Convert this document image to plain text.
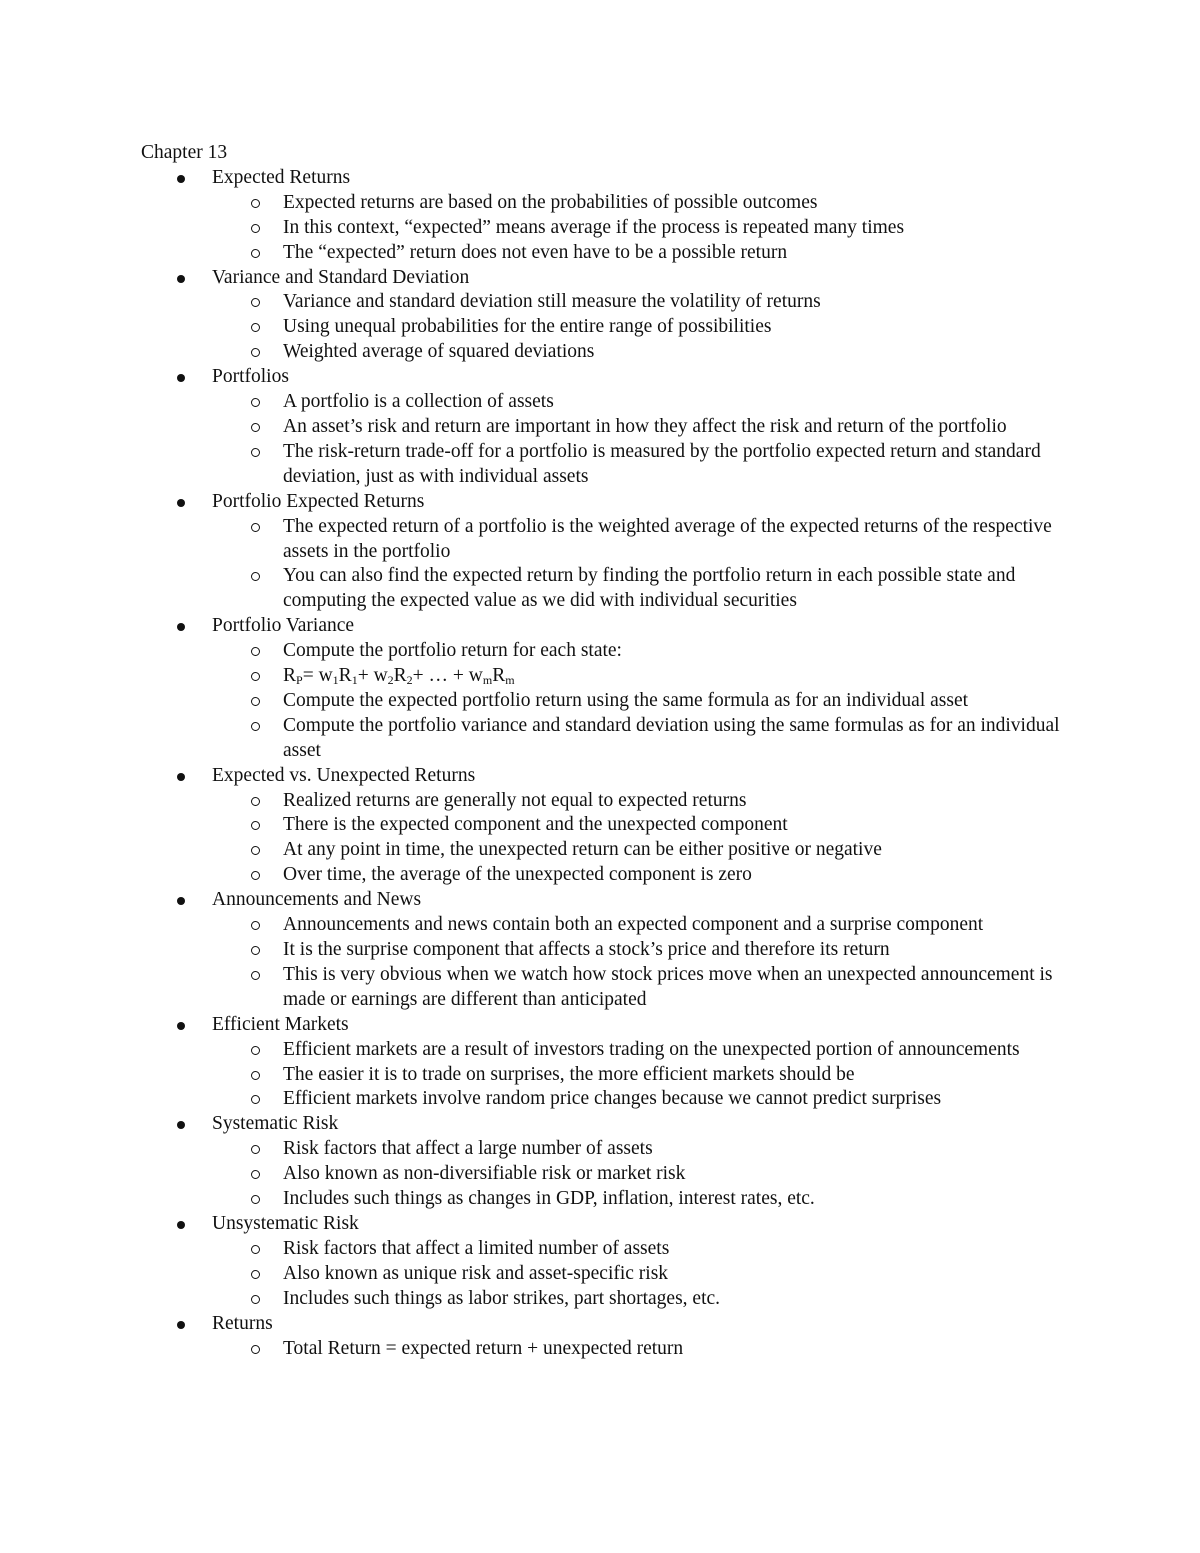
Chapter 13
Expected Returns
Expected returns are based on the probabilities of possible outcomes
In this context, “expected” means average if the process is repeated many times
The “expected” return does not even have to be a possible return
Variance and Standard Deviation
Variance and standard deviation still measure the volatility of returns
Using unequal probabilities for the entire range of possibilities
Weighted average of squared deviations
Portfolios
A portfolio is a collection of assets
An asset’s risk and return are important in how they affect the risk and return of the portfolio
The risk-return trade-off for a portfolio is measured by the portfolio expected return and standard deviation, just as with individual assets
Portfolio Expected Returns
The expected return of a portfolio is the weighted average of the expected returns of the respective assets in the portfolio
You can also find the expected return by finding the portfolio return in each possible state and computing the expected value as we did with individual securities
Portfolio Variance
Compute the portfolio return for each state:
$R_P= w_1R_1+ w_2R_2+$ … + $w_mR_m$
Compute the expected portfolio return using the same formula as for an individual asset
Compute the portfolio variance and standard deviation using the same formulas as for an individual asset
Expected vs. Unexpected Returns
Realized returns are generally not equal to expected returns
There is the expected component and the unexpected component
At any point in time, the unexpected return can be either positive or negative
Over time, the average of the unexpected component is zero
Announcements and News
Announcements and news contain both an expected component and a surprise component
It is the surprise component that affects a stock’s price and therefore its return
This is very obvious when we watch how stock prices move when an unexpected announcement is made or earnings are different than anticipated
Efficient Markets
Efficient markets are a result of investors trading on the unexpected portion of announcements
The easier it is to trade on surprises, the more efficient markets should be
Efficient markets involve random price changes because we cannot predict surprises
Systematic Risk
Risk factors that affect a large number of assets
Also known as non-diversifiable risk or market risk
Includes such things as changes in GDP, inflation, interest rates, etc.
Unsystematic Risk
Risk factors that affect a limited number of assets
Also known as unique risk and asset-specific risk
Includes such things as labor strikes, part shortages, etc.
Returns
Total Return = expected return + unexpected return
